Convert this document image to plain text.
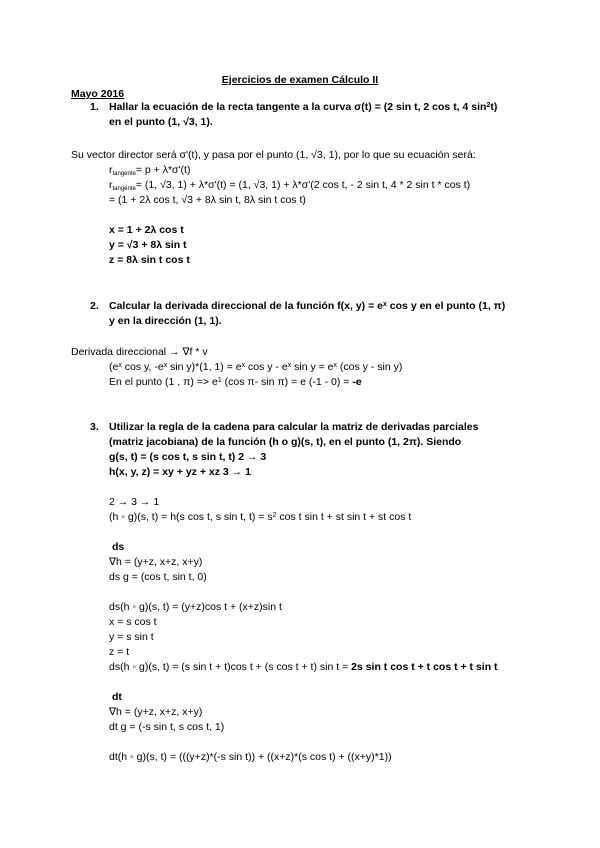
Ejercicios de examen Cálculo II
Mayo 2016
1. Hallar la ecuación de la recta tangente a la curva σ(t) = (2 sin t, 2 cos t, 4 $\sin^2t$)
en el punto (1, √3, 1).
Su vector director será σ'(t), y pasa por el punto (1, √3, 1), por lo que su ecuación será:
$r_{tangente}= p + \lambda*\sigma'(t)$
$r_{tangente}= (1$, √3, 1) + λ*σ'(t) = (1, √3, 1) + λ*σ'(2 cos t, - 2 sin t, 4 * 2 sin t * cos t)
= (1 + 2λ cos t, √3 + 8λ sin t, 8λ sin t cos t)
x = 1 + 2λ cos t
y = √3 + 8λ sin t
z = 8λ sin t cos t
2. Calcular la derivada direccional de la función f(x, $y) = e^x$ cos y en el punto (1, π)
y en la dirección (1, 1).
Derivada direccional → ∇f * v
($e^x$ cos y, $-e^x$ sin y)*(1, $1) = e^x$ cos y - $e^x$ $\sin y = e^x$ (cos y - sin y)
En el punto (1 , $\pi) => e^1$ (cos π- sin π) = e (-1 - 0) = -e
3. Utilizar la regla de la cadena para calcular la matriz de derivadas parciales
(matriz jacobiana) de la función (h o g)(s, t), en el punto (1, 2π). Siendo
g(s, t) = (s cos t, s sin t, t) 2 → 3
h(x, y, z) = xy + yz + xz 3 → 1
2 → 3 → 1
(h ◦ g)(s, t) = h(s cos t, s sin t, $t) = s^2$ cos t sin t + st sin t + st cos t
ds
∇h = (y+z, x+z, x+y)
ds g = (cos t, sin t, 0)
ds(h ◦ g)(s, t) = (y+z)cos t + (x+z)sin t
x = s cos t
y = s sin t
z = t
ds(h ◦ g)(s, t) = (s sin t + t)cos t + (s cos t + t) sin t = 2s sin t cos t + t cos t + t sin t
dt
∇h = (y+z, x+z, x+y)
dt g = (-s sin t, s cos t, 1)
dt(h ◦ g)(s, t) = (((y+z)*(-s sin t)) + ((x+z)*(s cos t) + ((x+y)*1))
